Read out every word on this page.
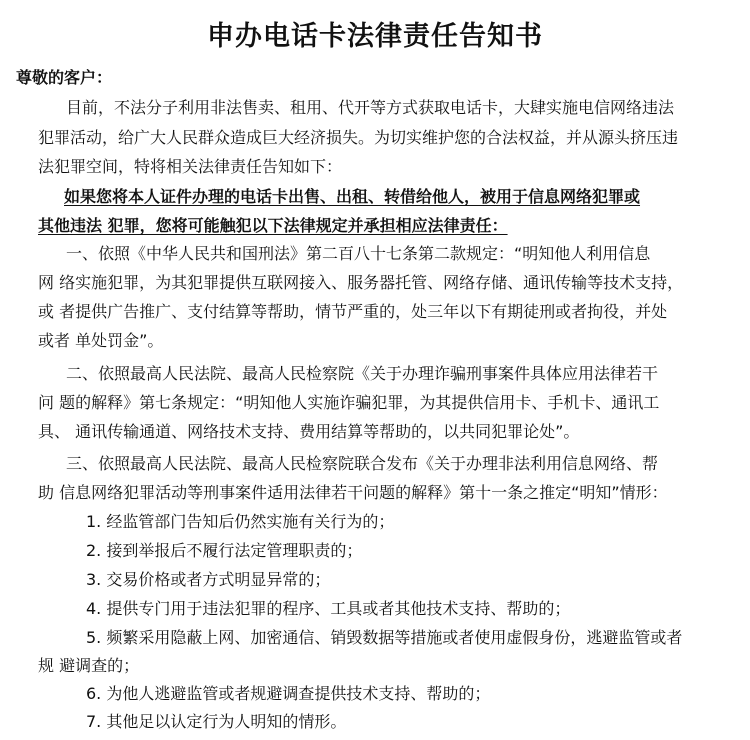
申办电话卡法律责任告知书
尊敬的客户：
目前，不法分子利用非法售卖、租用、代开等方式获取电话卡，大肆实施电信网络违法
犯罪活动，给广大人民群众造成巨大经济损失。为切实维护您的合法权益，并从源头挤压违
法犯罪空间，特将相关法律责任告知如下：
如果您将本人证件办理的电话卡出售、出租、转借给他人，被用于信息网络犯罪或
其他违法 犯罪，您将可能触犯以下法律规定并承担相应法律责任：
一、依照《中华人民共和国刑法》第二百八十七条第二款规定：“明知他人利用信息
网 络实施犯罪，为其犯罪提供互联网接入、服务器托管、网络存储、通讯传输等技术支持，
或 者提供广告推广、支付结算等帮助，情节严重的，处三年以下有期徒刑或者拘役，并处
或者 单处罚金”。
二、依照最高人民法院、最高人民检察院《关于办理诈骗刑事案件具体应用法律若干
问 题的解释》第七条规定：“明知他人实施诈骗犯罪，为其提供信用卡、手机卡、通讯工
具、 通讯传输通道、网络技术支持、费用结算等帮助的，以共同犯罪论处”。
三、依照最高人民法院、最高人民检察院联合发布《关于办理非法利用信息网络、帮
助 信息网络犯罪活动等刑事案件适用法律若干问题的解释》第十一条之推定“明知”情形：
1. 经监管部门告知后仍然实施有关行为的；
2. 接到举报后不履行法定管理职责的；
3. 交易价格或者方式明显异常的；
4. 提供专门用于违法犯罪的程序、工具或者其他技术支持、帮助的；
5. 频繁采用隐蔽上网、加密通信、销毁数据等措施或者使用虚假身份，逃避监管或者
规 避调查的；
6. 为他人逃避监管或者规避调查提供技术支持、帮助的；
7. 其他足以认定行为人明知的情形。
